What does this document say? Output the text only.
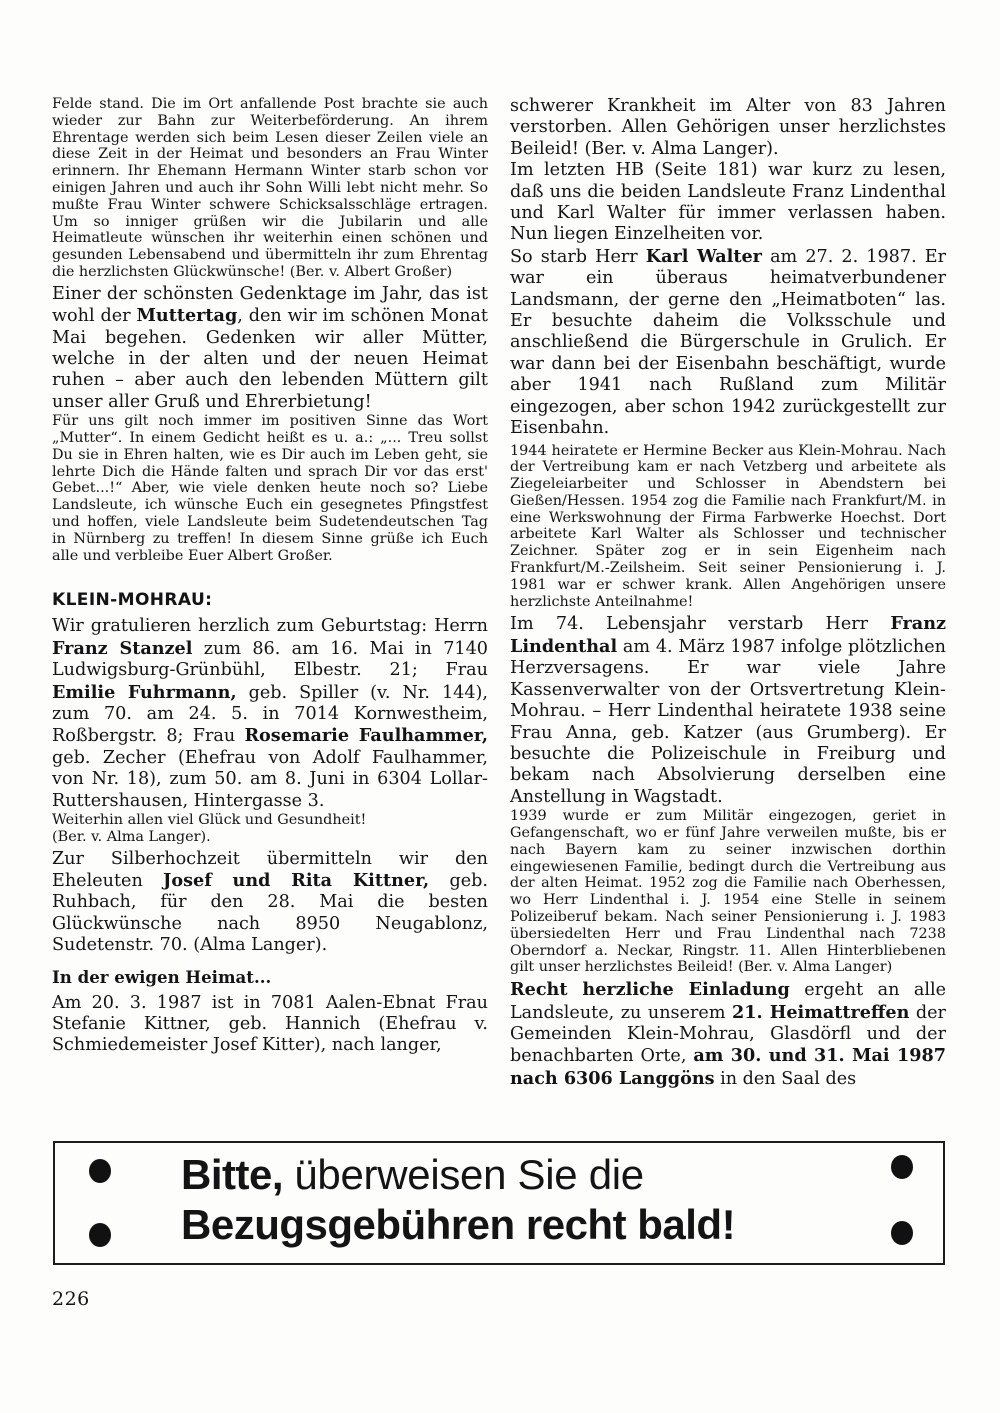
Felde stand. Die im Ort anfallende Post brachte sie auch wieder zur Bahn zur Weiterbeförderung. An ihrem Ehrentage werden sich beim Lesen dieser Zeilen viele an diese Zeit in der Heimat und besonders an Frau Winter erinnern. Ihr Ehemann Hermann Winter starb schon vor einigen Jahren und auch ihr Sohn Willi lebt nicht mehr. So mußte Frau Winter schwere Schicksalsschläge ertragen. Um so inniger grüßen wir die Jubilarin und alle Heimatleute wünschen ihr weiterhin einen schönen und gesunden Lebensabend und übermitteln ihr zum Ehrentag die herzlichsten Glückwünsche! (Ber. v. Albert Großer)

Einer der schönsten Gedenktage im Jahr, das ist wohl der Muttertag, den wir im schönen Monat Mai begehen. Gedenken wir aller Mütter, welche in der alten und der neuen Heimat ruhen – aber auch den lebenden Müttern gilt unser aller Gruß und Ehrerbietung!

Für uns gilt noch immer im positiven Sinne das Wort „Mutter“. In einem Gedicht heißt es u. a.: „... Treu sollst Du sie in Ehren halten, wie es Dir auch im Leben geht, sie lehrte Dich die Hände falten und sprach Dir vor das erst' Gebet...!“ Aber, wie viele denken heute noch so? Liebe Landsleute, ich wünsche Euch ein gesegnetes Pfingstfest und hoffen, viele Landsleute beim Sudetendeutschen Tag in Nürnberg zu treffen! In diesem Sinne grüße ich Euch alle und verbleibe Euer Albert Großer.

KLEIN-MOHRAU:

Wir gratulieren herzlich zum Geburtstag: Herrn Franz Stanzel zum 86. am 16. Mai in 7140 Ludwigsburg-Grünbühl, Elbestr. 21; Frau Emilie Fuhrmann, geb. Spiller (v. Nr. 144), zum 70. am 24. 5. in 7014 Kornwestheim, Roßbergstr. 8; Frau Rosemarie Faulhammer, geb. Zecher (Ehefrau von Adolf Faulhammer, von Nr. 18), zum 50. am 8. Juni in 6304 Lollar-Ruttershausen, Hintergasse 3.

Weiterhin allen viel Glück und Gesundheit!

(Ber. v. Alma Langer).

Zur Silberhochzeit übermitteln wir den Eheleuten Josef und Rita Kittner, geb. Ruhbach, für den 28. Mai die besten Glückwünsche nach 8950 Neugablonz, Sudetenstr. 70. (Alma Langer).

In der ewigen Heimat...

Am 20. 3. 1987 ist in 7081 Aalen-Ebnat Frau Stefanie Kittner, geb. Hannich (Ehefrau v. Schmiedemeister Josef Kitter), nach langer,

schwerer Krankheit im Alter von 83 Jahren verstorben. Allen Gehörigen unser herzlichstes Beileid! (Ber. v. Alma Langer).

Im letzten HB (Seite 181) war kurz zu lesen, daß uns die beiden Landsleute Franz Lindenthal und Karl Walter für immer verlassen haben. Nun liegen Einzelheiten vor.

So starb Herr Karl Walter am 27. 2. 1987. Er war ein überaus heimatverbundener Landsmann, der gerne den „Heimatboten“ las. Er besuchte daheim die Volksschule und anschließend die Bürgerschule in Grulich. Er war dann bei der Eisenbahn beschäftigt, wurde aber 1941 nach Rußland zum Militär eingezogen, aber schon 1942 zurückgestellt zur Eisenbahn.

1944 heiratete er Hermine Becker aus Klein-Mohrau. Nach der Vertreibung kam er nach Vetzberg und arbeitete als Ziegeleiarbeiter und Schlosser in Abendstern bei Gießen/Hessen. 1954 zog die Familie nach Frankfurt/M. in eine Werkswohnung der Firma Farbwerke Hoechst. Dort arbeitete Karl Walter als Schlosser und technischer Zeichner. Später zog er in sein Eigenheim nach Frankfurt/M.-Zeilsheim. Seit seiner Pensionierung i. J. 1981 war er schwer krank. Allen Angehörigen unsere herzlichste Anteilnahme!

Im 74. Lebensjahr verstarb Herr Franz Lindenthal am 4. März 1987 infolge plötzlichen Herzversagens. Er war viele Jahre Kassenverwalter von der Ortsvertretung Klein-Mohrau. – Herr Lindenthal heiratete 1938 seine Frau Anna, geb. Katzer (aus Grumberg). Er besuchte die Polizeischule in Freiburg und bekam nach Absolvierung derselben eine Anstellung in Wagstadt.

1939 wurde er zum Militär eingezogen, geriet in Gefangenschaft, wo er fünf Jahre verweilen mußte, bis er nach Bayern kam zu seiner inzwischen dorthin eingewiesenen Familie, bedingt durch die Vertreibung aus der alten Heimat. 1952 zog die Familie nach Oberhessen, wo Herr Lindenthal i. J. 1954 eine Stelle in seinem Polizeiberuf bekam. Nach seiner Pensionierung i. J. 1983 übersiedelten Herr und Frau Lindenthal nach 7238 Oberndorf a. Neckar, Ringstr. 11. Allen Hinterbliebenen gilt unser herzlichstes Beileid! (Ber. v. Alma Langer)

Recht herzliche Einladung ergeht an alle Landsleute, zu unserem 21. Heimattreffen der Gemeinden Klein-Mohrau, Glasdörfl und der benachbarten Orte, am 30. und 31. Mai 1987 nach 6306 Langgöns in den Saal des

Bitte, überweisen Sie die
Bezugsgebühren recht bald!
226
